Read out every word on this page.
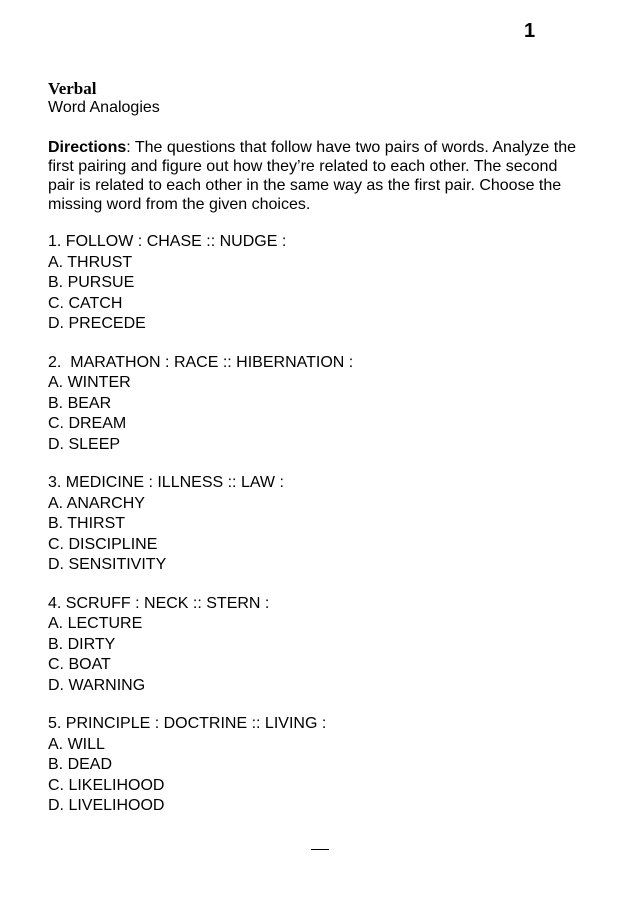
1
Verbal
Word Analogies
Directions: The questions that follow have two pairs of words. Analyze the first pairing and figure out how they’re related to each other. The second pair is related to each other in the same way as the first pair. Choose the missing word from the given choices.
1. FOLLOW : CHASE :: NUDGE :
A. THRUST
B. PURSUE
C. CATCH
D. PRECEDE
2.  MARATHON : RACE :: HIBERNATION :
A. WINTER
B. BEAR
C. DREAM
D. SLEEP
3. MEDICINE : ILLNESS :: LAW :
A. ANARCHY
B. THIRST
C. DISCIPLINE
D. SENSITIVITY
4. SCRUFF : NECK :: STERN :
A. LECTURE
B. DIRTY
C. BOAT
D. WARNING
5. PRINCIPLE : DOCTRINE :: LIVING :
A. WILL
B. DEAD
C. LIKELIHOOD
D. LIVELIHOOD
